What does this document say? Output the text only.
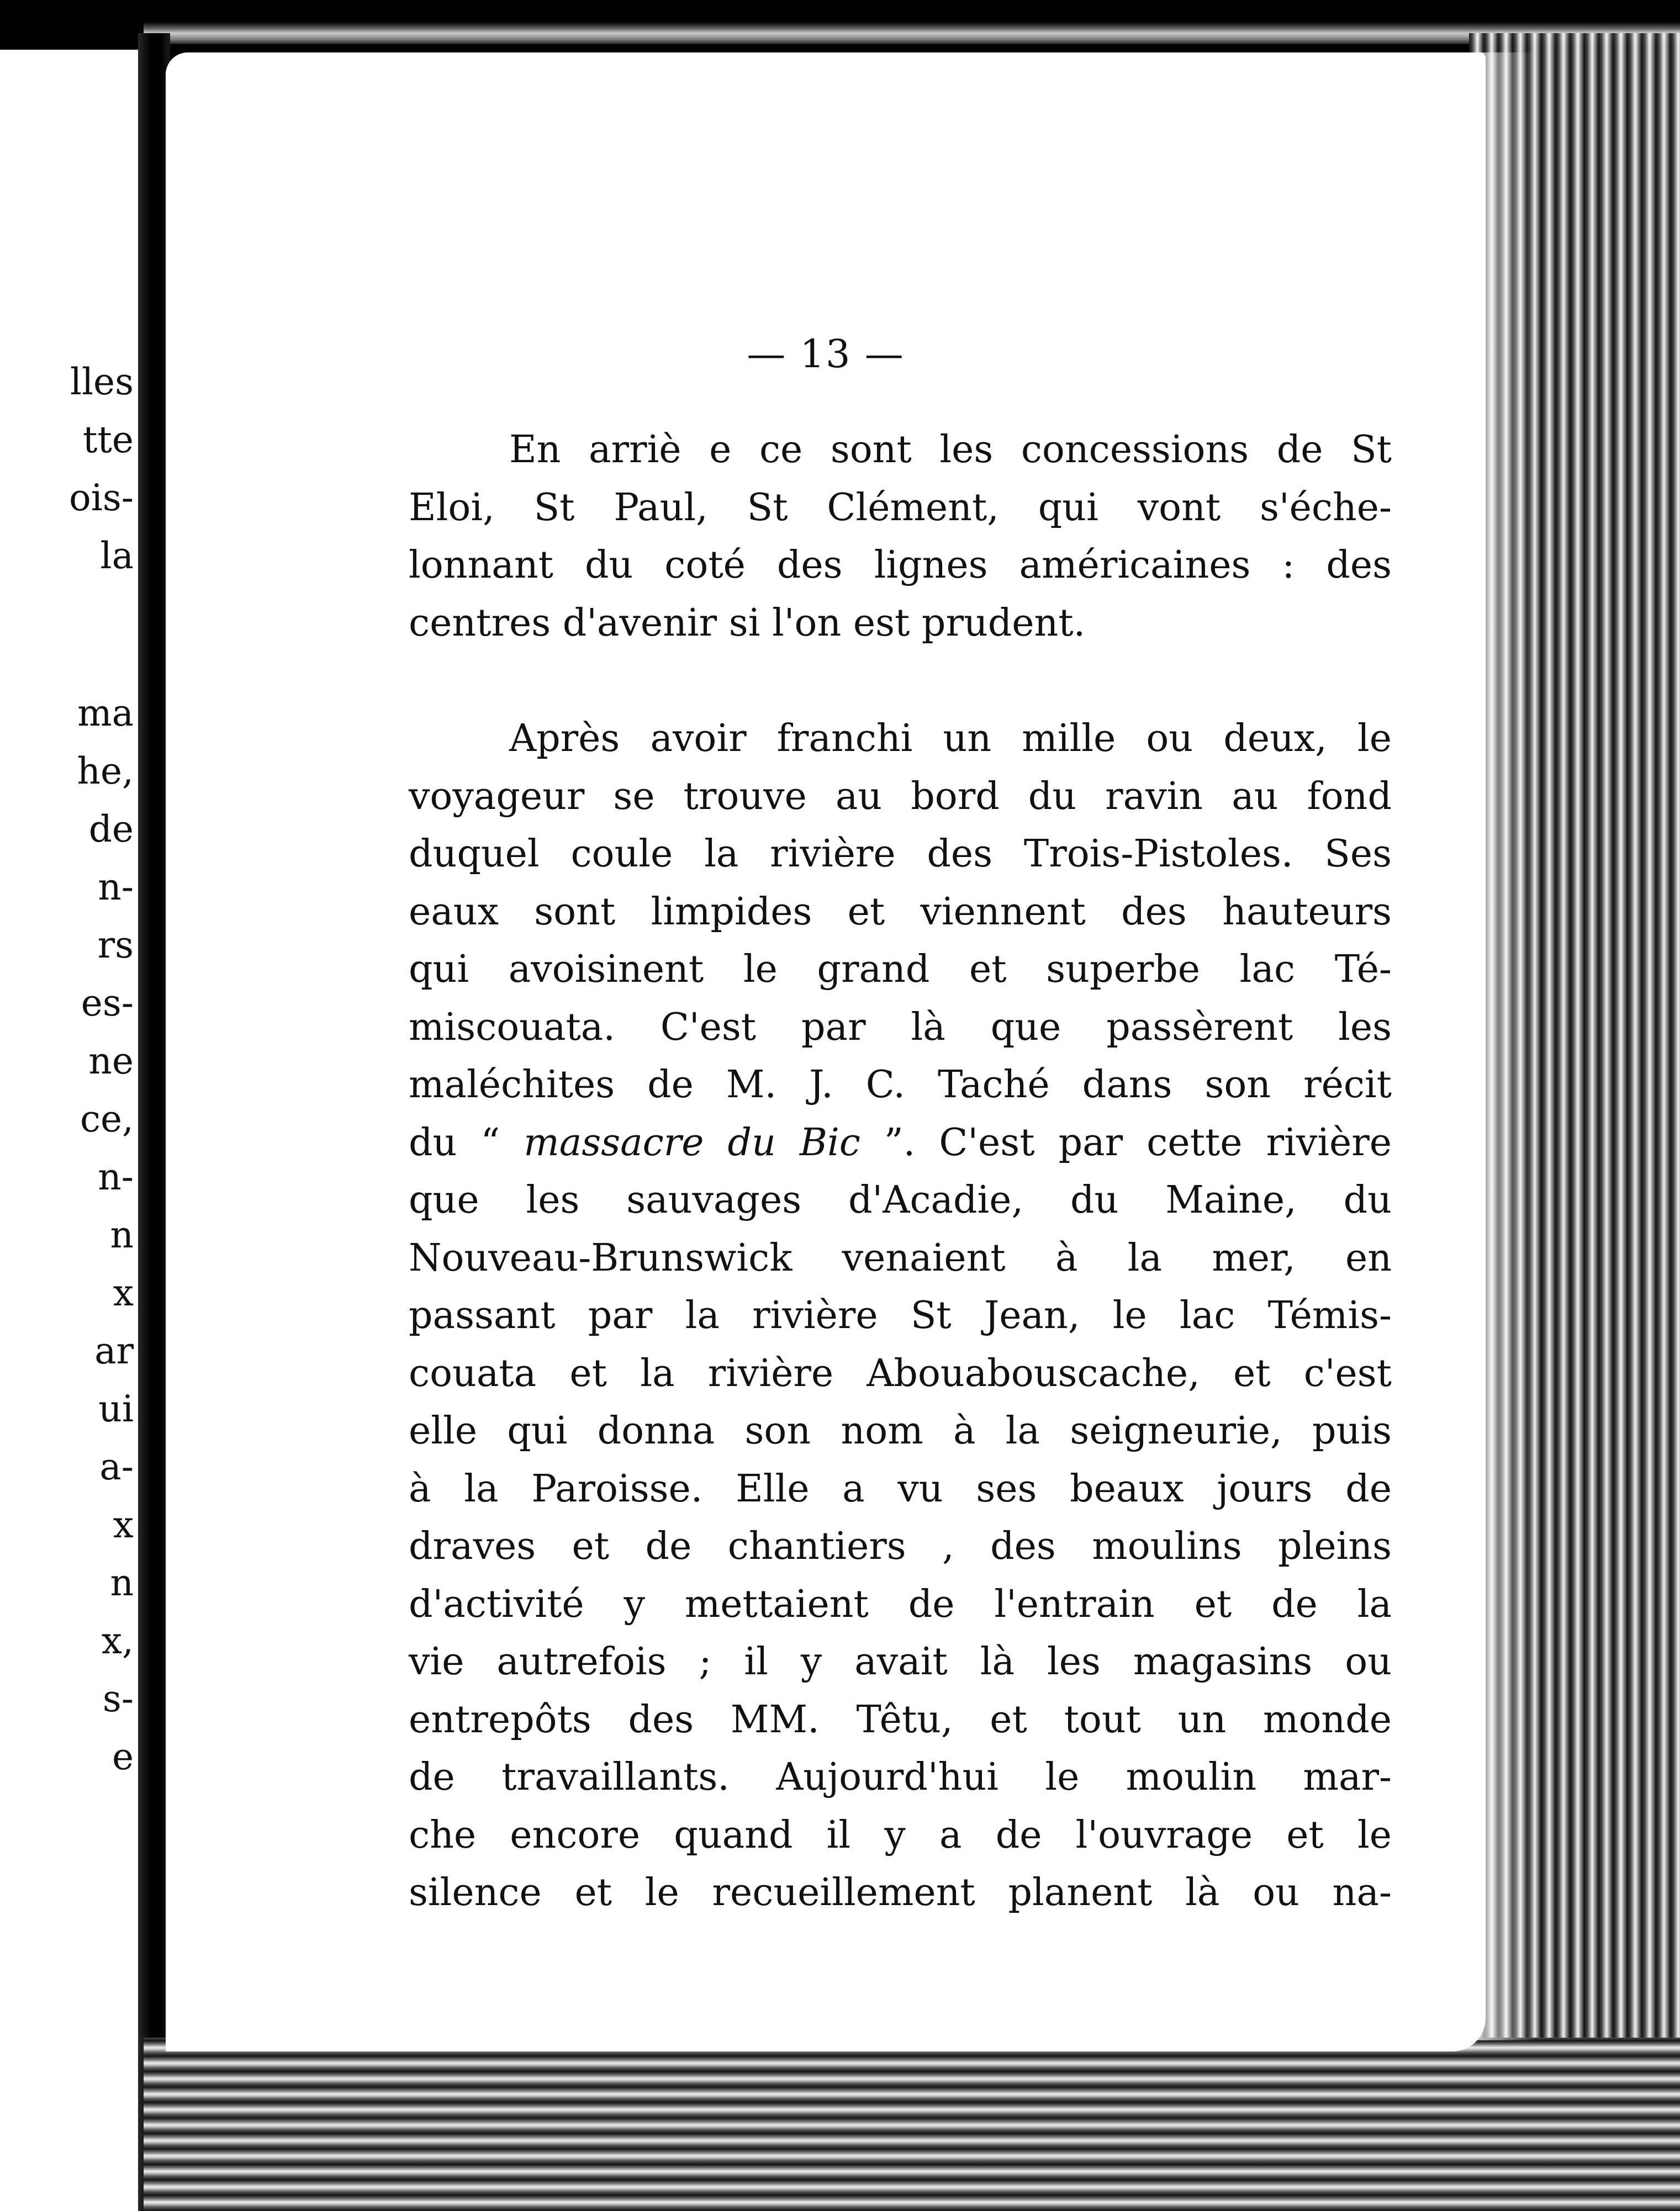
lles
tte
ois-
la
ma
he,
de
n-
rs
es-
ne
ce,
n-
n
x
ar
ui
a-
x
n
x,
s-
e
— 13 —
En arriè e ce sont les concessions de St
Eloi, St Paul, St Clément, qui vont s'éche-
lonnant du coté des lignes américaines : des
centres d'avenir si l'on est prudent.
Après avoir franchi un mille ou deux, le
voyageur se trouve au bord du ravin au fond
duquel coule la rivière des Trois-Pistoles. Ses
eaux sont limpides et viennent des hauteurs
qui avoisinent le grand et superbe lac Té-
miscouata. C'est par là que passèrent les
maléchites de M. J. C. Taché dans son récit
du “ massacre du Bic ”. C'est par cette rivière
que les sauvages d'Acadie, du Maine, du
Nouveau-Brunswick venaient à la mer, en
passant par la rivière St Jean, le lac Témis-
couata et la rivière Abouabouscache, et c'est
elle qui donna son nom à la seigneurie, puis
à la Paroisse. Elle a vu ses beaux jours de
draves et de chantiers , des moulins pleins
d'activité y mettaient de l'entrain et de la
vie autrefois ; il y avait là les magasins ou
entrepôts des MM. Têtu, et tout un monde
de travaillants. Aujourd'hui le moulin mar-
che encore quand il y a de l'ouvrage et le
silence et le recueillement planent là ou na-
